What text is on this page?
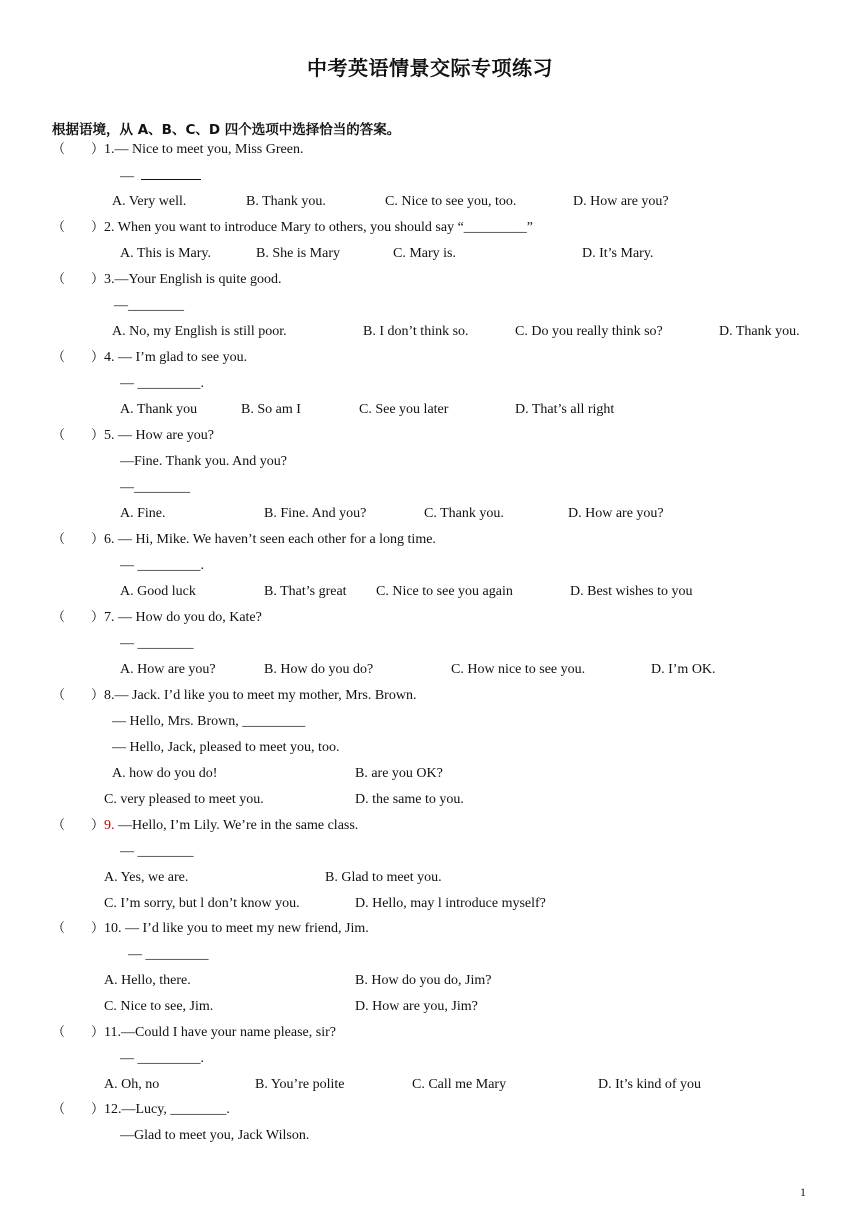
中考英语情景交际专项练习
根据语境，从 A、B、C、D 四个选项中选择恰当的答案。
（　　） 1.— Nice to meet you, Miss Green.
—
A. Very well.	B. Thank you.	C. Nice to see you, too.	D. How are you?
（　　） 2. When you want to introduce Mary to others, you should say “_________”
A. This is Mary.	B. She is Mary	C. Mary is.	D. It’s Mary.
（　　） 3.—Your English is quite good.
—________
A. No, my English is still poor.	B. I don’t think so.	C. Do you really think so?	D. Thank you.
（　　） 4. — I’m glad to see you.
— _________.
A. Thank you	B. So am I	C. See you later	D. That’s all right
（　　） 5. — How are you?
—Fine. Thank you. And you?
—________
A. Fine.	B. Fine. And you?	C. Thank you.	D. How are you?
（　　） 6. — Hi, Mike. We haven’t seen each other for a long time.
— _________.
A. Good luck	B. That’s great C. Nice to see you again	D. Best wishes to you
（　　） 7. — How do you do, Kate?
— ________
A. How are you?	B. How do you do?	C. How nice to see you.	D. I’m OK.
（　　） 8.— Jack. I’d like you to meet my mother, Mrs. Brown.
— Hello, Mrs. Brown, _________
— Hello, Jack, pleased to meet you, too.
A. how do you do!	B. are you OK?
C. very pleased to meet you.	D. the same to you.
（　　） 9. —Hello, I’m Lily. We’re in the same class.
— ________
A. Yes, we are.	B. Glad to meet you.
C. I’m sorry, but l don’t know you.	D. Hello, may l introduce myself?
（　　） 10. — I’d like you to meet my new friend, Jim.
— _________
A. Hello, there.	B. How do you do, Jim?
C. Nice to see, Jim.	D. How are you, Jim?
（　　） 11.—Could I have your name please, sir?
— _________.
A. Oh, no	B. You’re polite	C. Call me Mary	D. It’s kind of you
（　　） 12.—Lucy, ________.
—Glad to meet you, Jack Wilson.
1
